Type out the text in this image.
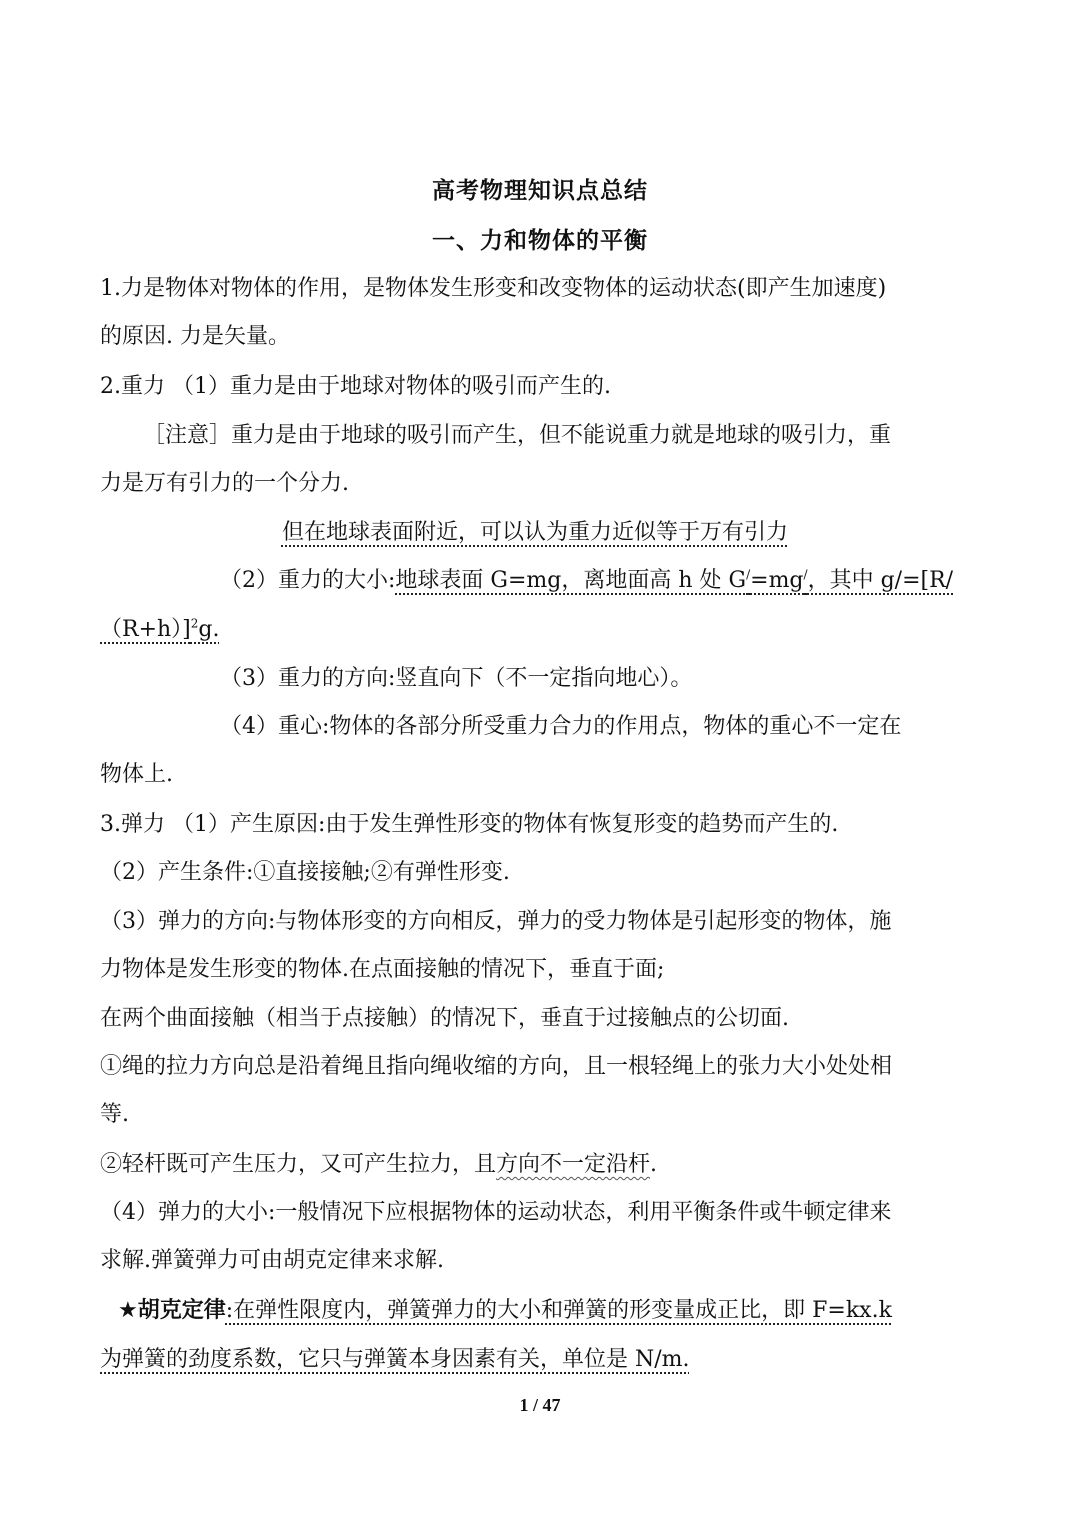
高考物理知识点总结
一、力和物体的平衡
1.力是物体对物体的作用，是物体发生形变和改变物体的运动状态(即产生加速度)
的原因. 力是矢量。
2.重力 （1）重力是由于地球对物体的吸引而产生的.
［注意］重力是由于地球的吸引而产生，但不能说重力就是地球的吸引力，重
力是万有引力的一个分力.
但在地球表面附近，可以认为重力近似等于万有引力
（2）重力的大小:地球表面 G=mg，离地面高 h 处 G/=mg/，其中 g/=[R/
（R+h）]$^2$g.
（3）重力的方向:竖直向下（不一定指向地心）。
（4）重心:物体的各部分所受重力合力的作用点，物体的重心不一定在
物体上.
3.弹力 （1）产生原因:由于发生弹性形变的物体有恢复形变的趋势而产生的.
（2）产生条件:①直接接触;②有弹性形变.
（3）弹力的方向:与物体形变的方向相反，弹力的受力物体是引起形变的物体，施
力物体是发生形变的物体.在点面接触的情况下，垂直于面;
在两个曲面接触（相当于点接触）的情况下，垂直于过接触点的公切面.
①绳的拉力方向总是沿着绳且指向绳收缩的方向，且一根轻绳上的张力大小处处相
等.
②轻杆既可产生压力，又可产生拉力，且方向不一定沿杆.
（4）弹力的大小:一般情况下应根据物体的运动状态，利用平衡条件或牛顿定律来
求解.弹簧弹力可由胡克定律来求解.
★胡克定律:在弹性限度内，弹簧弹力的大小和弹簧的形变量成正比，即 F=kx.k
为弹簧的劲度系数，它只与弹簧本身因素有关，单位是 N/m.
1 / 47
